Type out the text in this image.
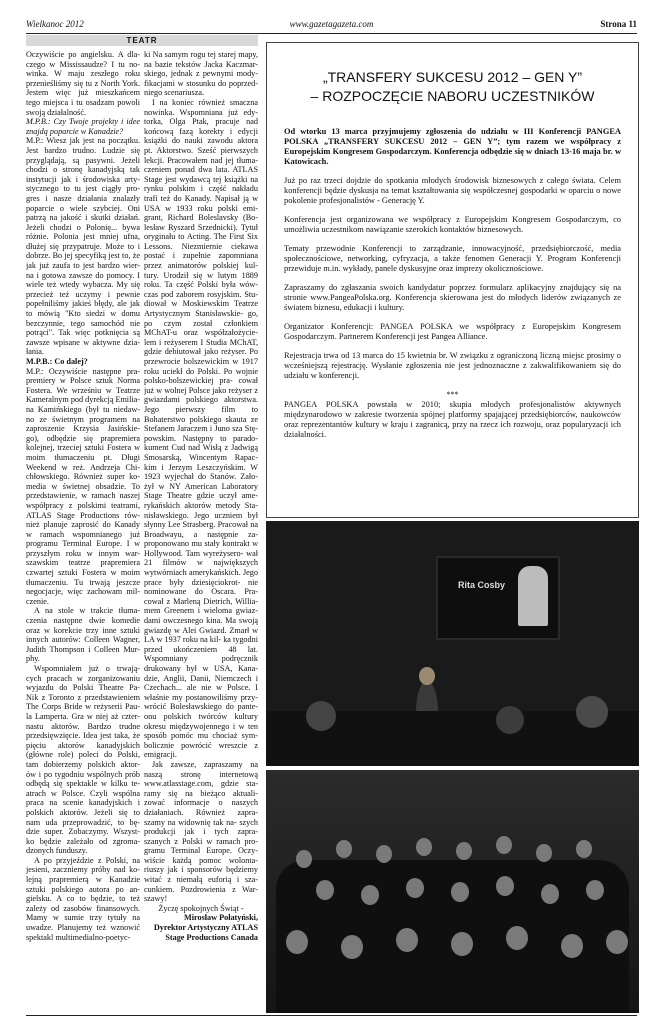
Wielkanoc 2012	www.gazetagazeta.com	Strona 11
TEATR

Oczywiście po angielsku. A dla- czego w Mississaudze? I tu no- winka. W maju zeszłego roku przenieśliśmy się tu z North York. Jestem więc już mieszkańcem tego miejsca i tu osadzam powoli swoją działalność.

M.P.B.: Czy Twoje projekty i idee znajdą poparcie w Kanadzie?

M.P.: Wiesz jak jest na początku. Jest bardzo trudno. Ludzie się przyglądają, są pasywni. Jeżeli chodzi o stronę kanadyjską tak instytucji jak i środowiska arty- stycznego to tu jest ciągły pro- gres i nasze działania znalazły poparcie o wiele szybciej. Oni patrzą na jakość i skutki działań. Jeżeli chodzi o Polonię... bywa różnie. Polonia jest mniej ufna, dłużej się przypatruje. Może to i dobrze. Bo jej specyfiką jest to, że jak już zaufa to jest bardzo wier- na i gotowa zawsze do pomocy. I wiele też wtedy wybacza. My się przecież też uczymy i pewnie popełniliśmy jakieś błędy, ale jak to mówią "Kto siedzi w domu bezczynnie, tego samochód nie potrąci". Tak więc potknięcia są zawsze wpisane w aktywne dzia- łania.

M.P.B.: Co dalej?

M.P.: Oczywiście następne pra- premiery w Polsce sztuk Norma Fostera. We wrześniu w Teatrze Kameralnym pod dyrekcją Emilia- na Kamińskiego (był tu niedaw- no ze świetnym programem na zaproszenie Krzysia Jasińskie- go), odbędzie się prapremiera kolejnej, trzeciej sztuki Fostera w moim tłumaczeniu pt. Długi Weekend w reż. Andrzeja Chi- chłowskiego. Również super ko- media w świetnej obsadzie. To przedstawienie, w ramach naszej współpracy z polskimi teatrami, ATLAS Stage Productions rów- nież planuje zaprosić do Kanady w ramach wspomnianego już programu Terminal Europe. I w przyszłym roku w innym war- szawskim teatrze prapremiera czwartej sztuki Fostera w moim tłumaczeniu. Tu trwają jeszcze negocjacje, więc zachowam mil- czenie.

A na stole w trakcie tłuma- czenia następne dwie komedie oraz w korekcie trzy inne sztuki innych autorów: Colleen Wagner, Judith Thompson i Colleen Mur- phy.

Wspomniałem już o trwają- cych pracach w zorganizowaniu wyjazdu do Polski Theatre Pa- Nik z Toronto z przedstawieniem The Corps Bride w reżyserii Pau- la Lamperta. Gra w niej aż czter- nastu aktorów. Bardzo trudne przedsięwzięcie. Idea jest taka, że pięciu aktorów kanadyjskich (główne role) poleci do Polski, tam dobierzemy polskich aktor- ów i po tygodniu wspólnych prób odbędą się spektakle w kilku te- atrach w Polsce. Czyli wspólna praca na scenie kanadyjskich i polskich aktorów. Jeżeli się to nam uda przeprowadzić, to bę- dzie super. Zobaczymy. Wszyst- ko będzie zależało od zgroma- dzonych funduszy.

A po przyjeździe z Polski, na jesieni, zaczniemy próby nad ko- lejną prapremierą w Kanadzie sztuki polskiego autora po an- gielsku. A co to będzie, to też zależy od zasobów finansowych. Mamy w sumie trzy tytuły na uwadze. Planujemy też wznowić spektakl multimedialno-poetyc-

ki Na samym rogu tej starej mapy, na bazie tekstów Jacka Kaczmar- skiego, jednak z pewnymi mody- fikacjami w stosunku do poprzed- niego scenariusza.

I na koniec również smaczna nowinka. Wspomniana już edy- torka, Olga Ptak, pracuje nad końcową fazą korekty i edycji książki do nauki zawodu aktora pt. Aktorstwo. Sześć pierwszych lekcji. Pracowałem nad jej tłuma- czeniem ponad dwa lata. ATLAS Stage jest wydawcą tej książki na rynku polskim i część nakładu trafi też do Kanady. Napisał ją w USA w 1933 roku polski emi- grant, Richard Boleslavsky (Bo- lesław Ryszard Srzednicki). Tytuł oryginału to Acting. The First Six Lessons. Niezmiernie ciekawa postać i zupełnie zapomniana przez animatorów polskiej kul- tury. Urodził się w lutym 1889 roku. Ta część Polski była wów- czas pod zaborem rosyjskim. Stu- diował w Moskiewskim Teatrze Artystycznym Stanisławskie- go, po czym został członkiem MChAT-u oraz współzałożycie- lem i reżyserem I Studia MChAT, gdzie debiutował jako reżyser. Po przewrocie bolszewickim w 1917 roku uciekł do Polski. Po wojnie polsko-bolszewickiej pra- cował już w wolnej Polsce jako reżyser z gwiazdami polskiego aktorstwa. Jego pierwszy film to Bohaterstwo polskiego skauta ze Stefanem Jaraczem i Juno sza Stę- powskim. Następny to parado- kument Cud nad Wisłą z Jadwigą Smosarską, Wincentym Rapac- kim i Jerzym Leszczyńskim. W 1923 wyjechał do Stanów. Zało- żył w NY American Laboratory Stage Theatre gdzie uczył ame- rykańskich aktorów metody Sta- nisławskiego. Jego uczniem był słynny Lee Strasberg. Pracował na Broadwayu, a następnie za- proponowano mu stały kontrakt w Hollywood. Tam wyreżysero- wał 21 filmów w największych wytwórniach amerykańskich. Jego prace były dziesięciokrot- nie nominowane do Oscara. Pra- cował z Marleną Dietrich, Willia- mem Greenem i wieloma gwiaz- dami owczesnego kina. Ma swoją gwiazdę w Alei Gwiazd. Zmarł w LA w 1937 roku na kil- ka tygodni przed ukończeniem 48 lat. Wspomniany podręcznik drukowany był w USA, Kana- dzie, Anglii, Danii, Niemczech i Czechach... ale nie w Polsce. I właśnie my postanowiliśmy przy- wrócić Bolesławskiego do pante- onu polskich twórców kultury okresu międzywojennego i w ten sposób pomóc mu chociaż sym- bolicznie powrócić wreszcie z emigracji.

Jak zawsze, zapraszamy na naszą stronę internetową www.atlasstage.com, gdzie sta- ramy się na bieżąco aktuali- zować informacje o naszych działaniach. Również zapra- szamy na widownię tak na- szych produkcji jak i tych zapra- szanych z Polski w ramach pro- gramu Terminal Europe. Oczy- wiście każdą pomoc wolonta- riuszy jak i sponsorów będziemy witać z niemałą euforią i sza- cunkiem. Pozdrowienia z War- szawy!

Życzę spokojnych Świąt -

Mirosław Połatyński,

Dyrektor Artystyczny ATLAS

Stage Productions Canada

„TRANSFERY SUKCESU 2012 – GEN Y”
– ROZPOCZĘCIE NABORU UCZESTNIKÓW

Od wtorku 13 marca przyjmujemy zgłoszenia do udziału w III Konferencji PANGEA POLSKA „TRANSFERY SUKCESU 2012 – GEN Y”; tym razem we współpracy z Europejskim Kongresem Gospodarczym. Konferencja odbędzie się w dniach 13-16 maja br. w Katowicach.

Już po raz trzeci dojdzie do spotkania młodych środowisk biznesowych z całego świata. Celem konferencji będzie dyskusja na temat kształtowania się współczesnej gospodarki w oparciu o nowe pokolenie profesjonalistów - Generację Y.

Konferencja jest organizowana we współpracy z Europejskim Kongresem Gospodarczym, co umożliwia uczestnikom nawiązanie szerokich kontaktów biznesowych.

Tematy przewodnie Konferencji to zarządzanie, innowacyjność, przedsiębiorczość, media społecznościowe, networking, cyfryzacja, a także fenomen Generacji Y. Program Konferencji przewiduje m.in. wykłady, panele dyskusyjne oraz imprezy okolicznościowe.

Zapraszamy do zgłaszania swoich kandydatur poprzez formularz aplikacyjny znajdujący się na stronie www.PangeaPolska.org. Konferencja skierowana jest do młodych liderów związanych ze światem biznesu, edukacji i kultury.

Organizator Konferencji: PANGEA POLSKA we współpracy z Europejskim Kongresem Gospodarczym. Partnerem Konferencji jest Pangea Alliance.

Rejestracja trwa od 13 marca do 15 kwietnia br. W związku z ograniczoną liczną miejsc prosimy o wcześniejszą rejestrację. Wysłanie zgłoszenia nie jest jednoznaczne z zakwalifikowaniem się do udziału w konferencji.

***

PANGEA POLSKA powstała w 2010; skupia młodych profesjonalistów aktywnych międzynarodowo w zakresie tworzenia spójnej platformy spajającej przedsiębiorców, naukowców oraz reprezentantów kultury w kraju i zagranicą, przy na rzecz ich rozwoju, oraz popularyzacji ich działalności.

Rita Cosby
